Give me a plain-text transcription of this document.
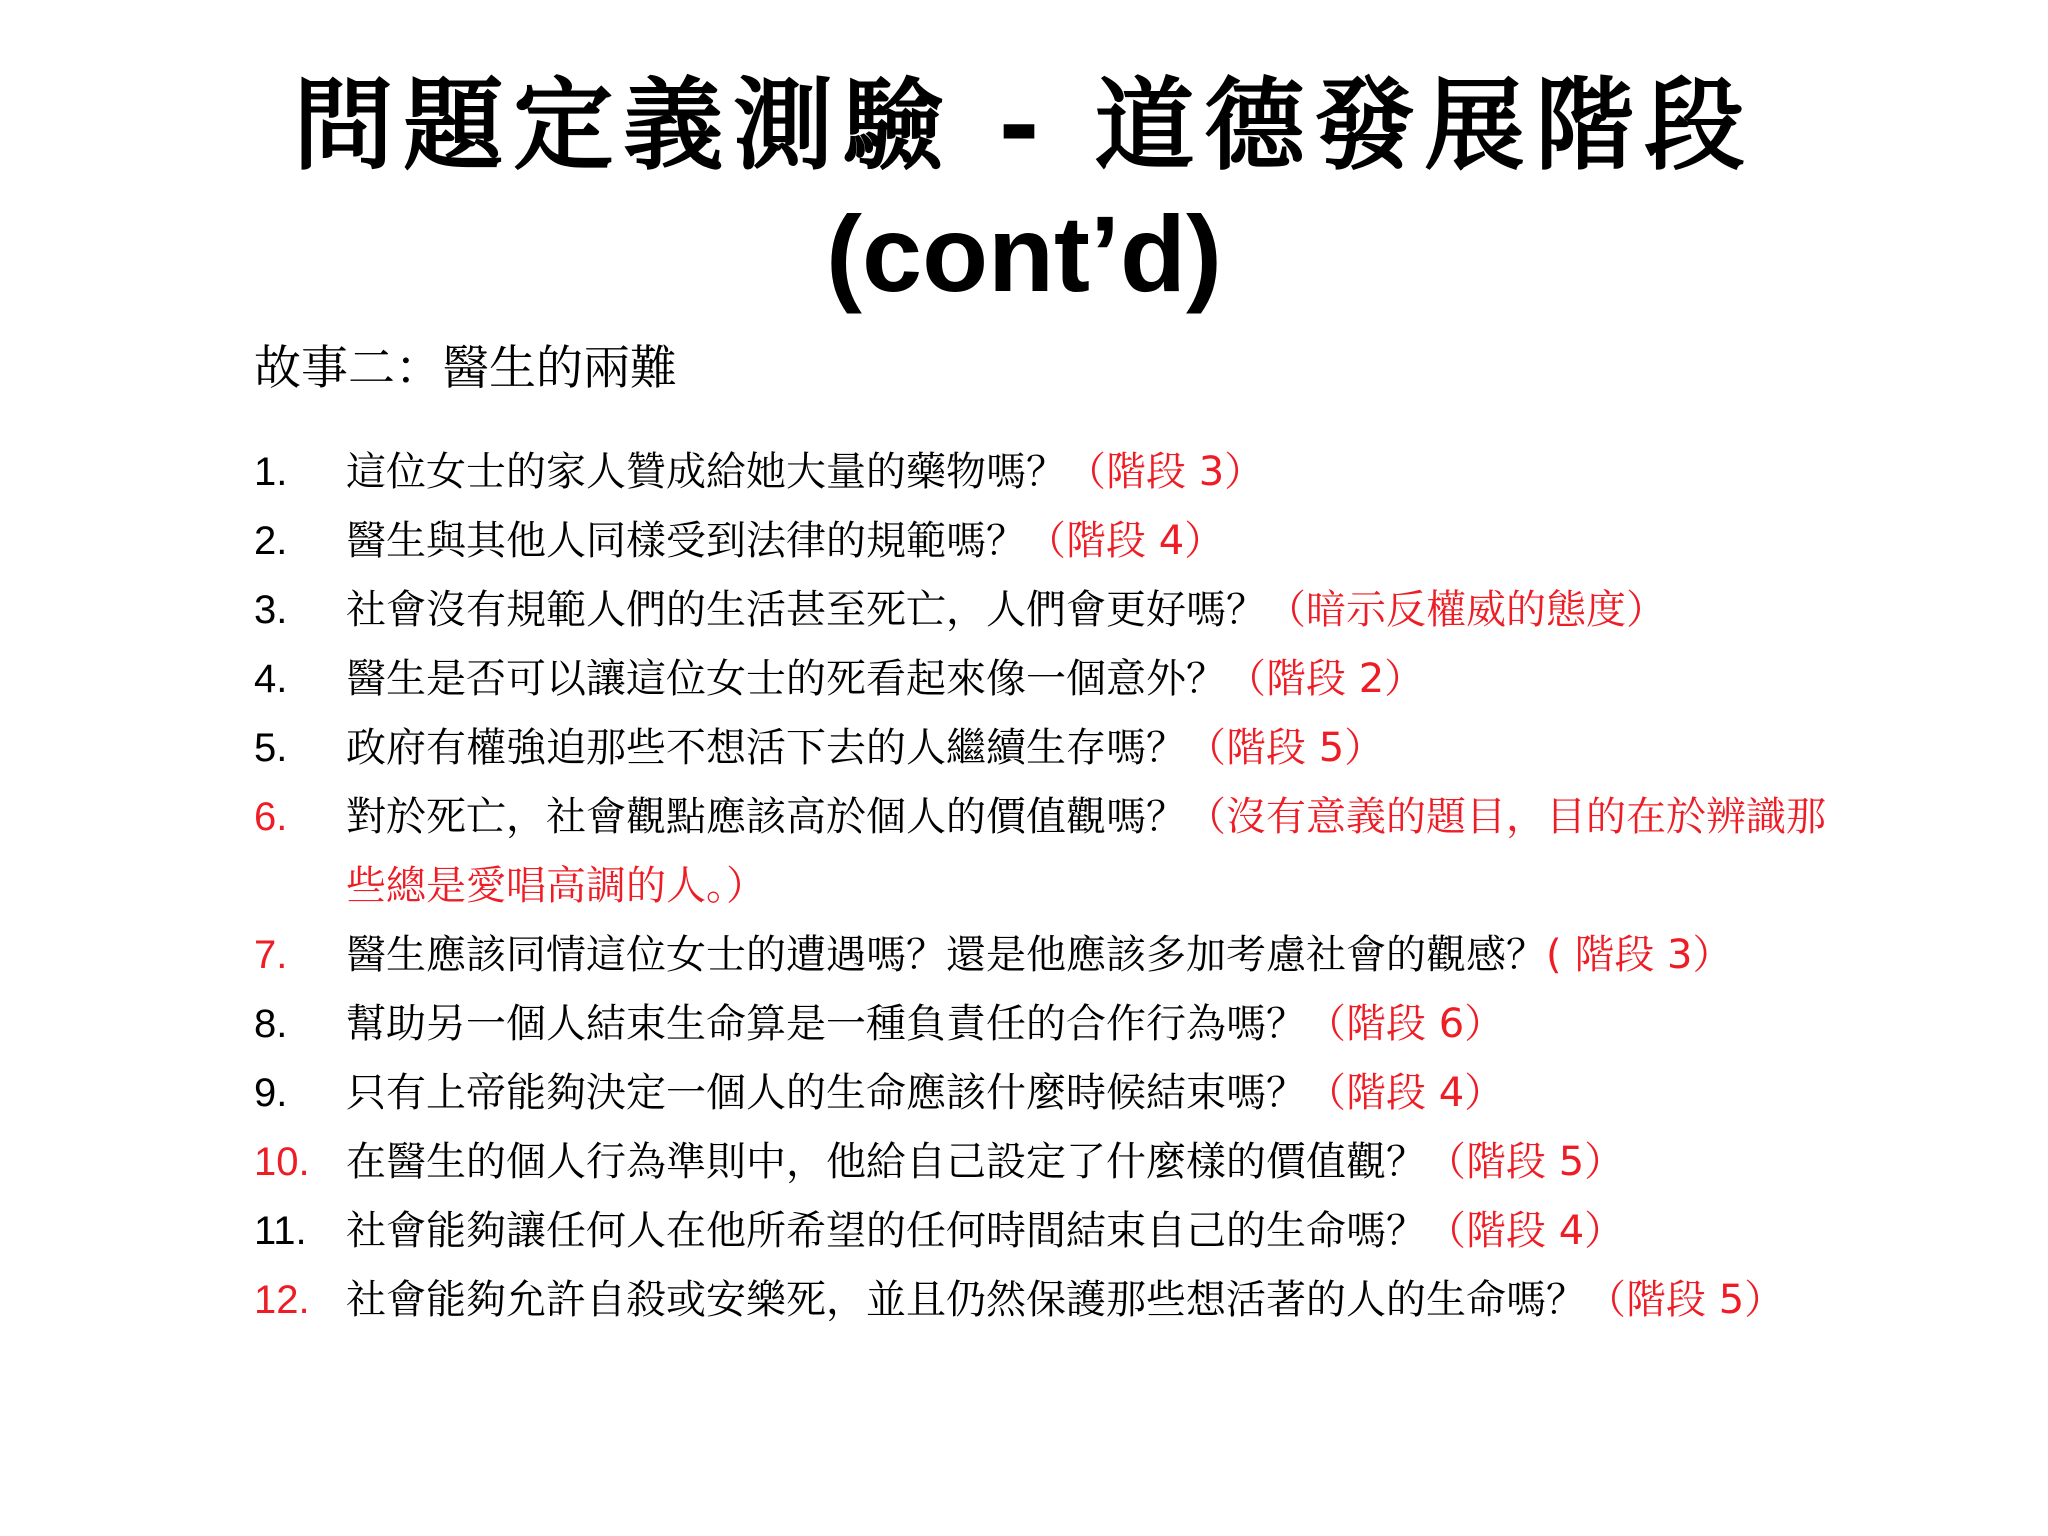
問題定義測驗 - 道德發展階段
(cont’d)

故事二：醫生的兩難

1.	這位女士的家人贊成給她大量的藥物嗎？（階段 3）
2.	醫生與其他人同樣受到法律的規範嗎？（階段 4）
3.	社會沒有規範人們的生活甚至死亡，人們會更好嗎？（暗示反權威的態度）
4.	醫生是否可以讓這位女士的死看起來像一個意外？（階段 2）
5.	政府有權強迫那些不想活下去的人繼續生存嗎？（階段 5）
6.	對於死亡，社會觀點應該高於個人的價值觀嗎？（沒有意義的題目，目的在於辨識那些總是愛唱高調的人。）
7.	醫生應該同情這位女士的遭遇嗎？還是他應該多加考慮社會的觀感？( 階段 3）
8.	幫助另一個人結束生命算是一種負責任的合作行為嗎？（階段 6）
9.	只有上帝能夠決定一個人的生命應該什麼時候結束嗎？（階段 4）
10. 在醫生的個人行為準則中，他給自己設定了什麼樣的價值觀？（階段 5）
11. 社會能夠讓任何人在他所希望的任何時間結束自己的生命嗎？（階段 4）
12. 社會能夠允許自殺或安樂死，並且仍然保護那些想活著的人的生命嗎？（階段 5）
